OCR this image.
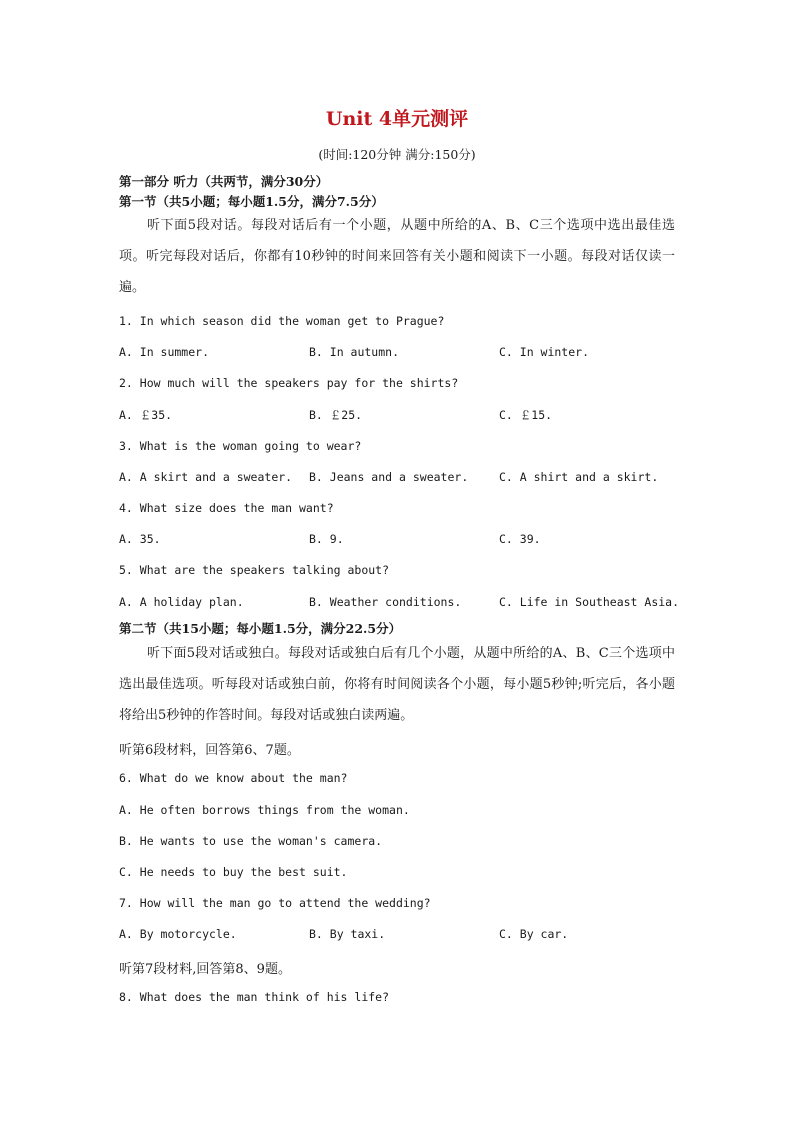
Unit 4单元测评
(时间:120分钟 满分:150分)
第一部分 听力（共两节，满分30分）
第一节（共5小题；每小题1.5分，满分7.5分）
听下面5段对话。每段对话后有一个小题，从题中所给的A、B、C三个选项中选出最佳选项。听完每段对话后，你都有10秒钟的时间来回答有关小题和阅读下一小题。每段对话仅读一遍。
1. In which season did the woman get to Prague?
A. In summer.	B. In autumn.	C. In winter.
2. How much will the speakers pay for the shirts?
A. ￡35.	B. ￡25.	C. ￡15.
3. What is the woman going to wear?
A. A skirt and a sweater. B. Jeans and a sweater.	C. A shirt and a skirt.
4. What size does the man want?
A. 35.	B. 9.	C. 39.
5. What are the speakers talking about?
A. A holiday plan.	B. Weather conditions.	C. Life in Southeast Asia.
第二节（共15小题；每小题1.5分，满分22.5分）
听下面5段对话或独白。每段对话或独白后有几个小题，从题中所给的A、B、C三个选项中选出最佳选项。听每段对话或独白前，你将有时间阅读各个小题，每小题5秒钟;听完后，各小题将给出5秒钟的作答时间。每段对话或独白读两遍。
听第6段材料，回答第6、7题。
6. What do we know about the man?
A. He often borrows things from the woman.
B. He wants to use the woman's camera.
C. He needs to buy the best suit.
7. How will the man go to attend the wedding?
A. By motorcycle.	B. By taxi.	C. By car.
听第7段材料,回答第8、9题。
8. What does the man think of his life?
